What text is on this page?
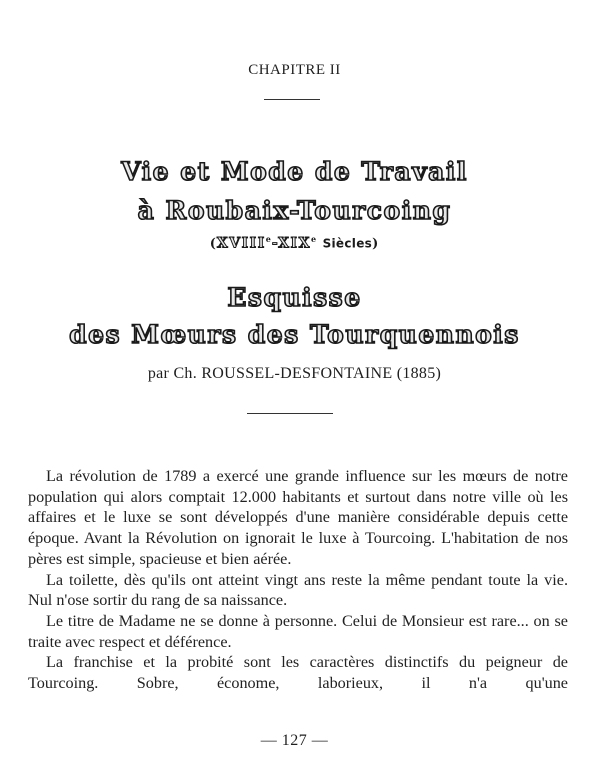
CHAPITRE II
Vie et Mode de Travail
à Roubaix-Tourcoing
(XVIIIe-XIXe Siècles)
Esquisse
des Mœurs des Tourquennois
par Ch. ROUSSEL-DESFONTAINE (1885)

La révolution de 1789 a exercé une grande influence sur les mœurs de notre population qui alors comptait 12.000 habitants et surtout dans notre ville où les affaires et le luxe se sont développés d'une manière considérable depuis cette époque. Avant la Révolution on ignorait le luxe à Tourcoing. L'habitation de nos pères est simple, spacieuse et bien aérée.

La toilette, dès qu'ils ont atteint vingt ans reste la même pendant toute la vie. Nul n'ose sortir du rang de sa naissance.

Le titre de Madame ne se donne à personne. Celui de Monsieur est rare... on se traite avec respect et déférence.

La franchise et la probité sont les caractères distinctifs du peigneur de Tourcoing. Sobre, économe, laborieux, il n'a qu'une

— 127 —
